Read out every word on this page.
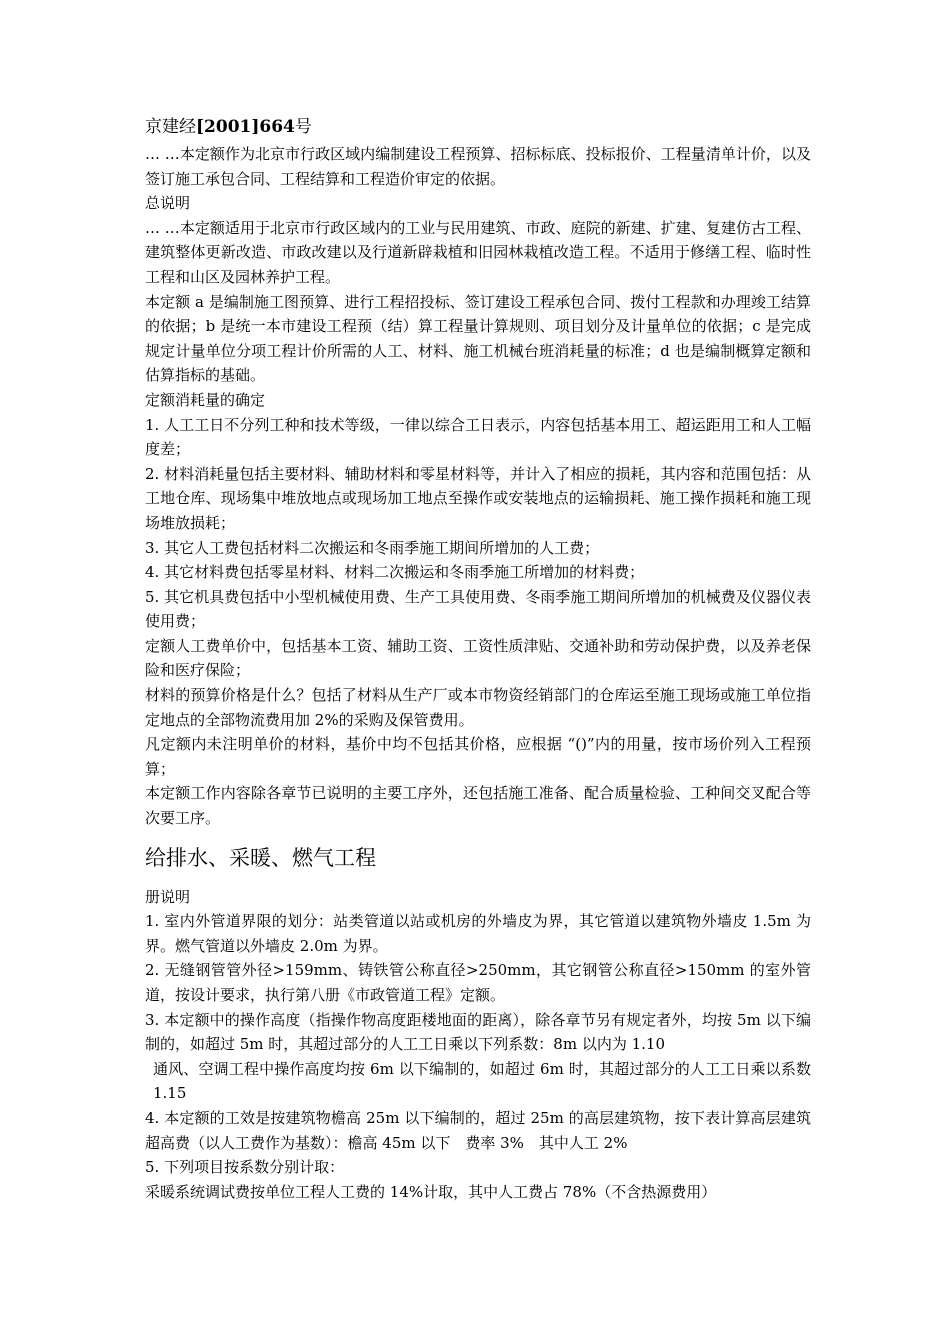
京建经[2001]664号

… …本定额作为北京市行政区域内编制建设工程预算、招标标底、投标报价、工程量清单计价，以及签订施工承包合同、工程结算和工程造价审定的依据。

总说明

… …本定额适用于北京市行政区域内的工业与民用建筑、市政、庭院的新建、扩建、复建仿古工程、建筑整体更新改造、市政改建以及行道新辟栽植和旧园林栽植改造工程。不适用于修缮工程、临时性工程和山区及园林养护工程。

本定额 a 是编制施工图预算、进行工程招投标、签订建设工程承包合同、拨付工程款和办理竣工结算的依据；b 是统一本市建设工程预（结）算工程量计算规则、项目划分及计量单位的依据；c 是完成规定计量单位分项工程计价所需的人工、材料、施工机械台班消耗量的标准；d 也是编制概算定额和估算指标的基础。

定额消耗量的确定

1. 人工工日不分列工种和技术等级，一律以综合工日表示，内容包括基本用工、超运距用工和人工幅度差；

2. 材料消耗量包括主要材料、辅助材料和零星材料等，并计入了相应的损耗，其内容和范围包括：从工地仓库、现场集中堆放地点或现场加工地点至操作或安装地点的运输损耗、施工操作损耗和施工现场堆放损耗；

3. 其它人工费包括材料二次搬运和冬雨季施工期间所增加的人工费；

4. 其它材料费包括零星材料、材料二次搬运和冬雨季施工所增加的材料费；

5. 其它机具费包括中小型机械使用费、生产工具使用费、冬雨季施工期间所增加的机械费及仪器仪表使用费；

定额人工费单价中，包括基本工资、辅助工资、工资性质津贴、交通补助和劳动保护费，以及养老保险和医疗保险；

材料的预算价格是什么？包括了材料从生产厂或本市物资经销部门的仓库运至施工现场或施工单位指定地点的全部物流费用加 2%的采购及保管费用。

凡定额内未注明单价的材料，基价中均不包括其价格，应根据 “()”内的用量，按市场价列入工程预算；

本定额工作内容除各章节已说明的主要工序外，还包括施工准备、配合质量检验、工种间交叉配合等次要工序。

给排水、采暖、燃气工程

册说明

1. 室内外管道界限的划分：站类管道以站或机房的外墙皮为界，其它管道以建筑物外墙皮 1.5m 为界。燃气管道以外墙皮 2.0m 为界。

2. 无缝钢管管外径>159mm、铸铁管公称直径>250mm，其它钢管公称直径>150mm 的室外管道，按设计要求，执行第八册《市政管道工程》定额。

3. 本定额中的操作高度（指操作物高度距楼地面的距离），除各章节另有规定者外，均按 5m 以下编制的，如超过 5m 时，其超过部分的人工工日乘以下列系数：8m 以内为 1.10

通风、空调工程中操作高度均按 6m 以下编制的，如超过 6m 时，其超过部分的人工工日乘以系数 1.15

4. 本定额的工效是按建筑物檐高 25m 以下编制的，超过 25m 的高层建筑物，按下表计算高层建筑超高费（以人工费作为基数）：檐高 45m 以下　费率 3%　其中人工 2%

5. 下列项目按系数分别计取：

采暖系统调试费按单位工程人工费的 14%计取，其中人工费占 78%（不含热源费用）
